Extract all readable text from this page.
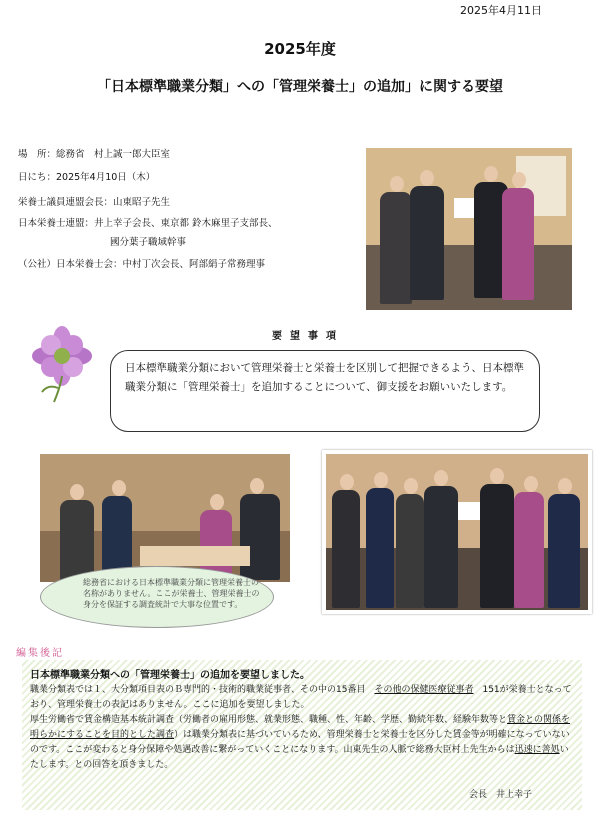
2025年4月11日
2025年度
「日本標準職業分類」への「管理栄養士」の追加」に関する要望
場　所：総務省　村上誠一郎大臣室
日にち：2025年4月10日（木）
栄養士議員連盟会長：山東昭子先生
日本栄養士連盟：井上幸子会長、東京都 鈴木麻里子支部長、
國分葉子職域幹事
（公社）日本栄養士会：中村丁次会長、阿部絹子常務理事
要望事項
日本標準職業分類において管理栄養士と栄養士を区別して把握できるよう、日本標準職業分類に「管理栄養士」を追加することについて、御支援をお願いいたします。
総務省における日本標準職業分類に管理栄養士の名称がありません。ここが栄養士、管理栄養士の身分を保証する調査統計で大事な位置です。
編集後記
日本標準職業分類への「管理栄養士」の追加を要望しました。
職業分類表では１、大分類項目表のＢ専門的・技術的職業従事者、その中の15番目　その他の保健医療従事者　151が栄養士となっており、管理栄養士の表記はありません。ここに追加を要望しました。
厚生労働省で賃金構造基本統計調査（労働者の雇用形態、就業形態、職種、性、年齢、学歴、勤続年数、経験年数等と賃金との関係を明らかにすることを目的とした調査）は職業分類表に基づいているため、管理栄養士と栄養士を区分した賃金等が明確になっていないのです。ここが変わると身分保障や処遇改善に繋がっていくことになります。山東先生の人脈で総務大臣村上先生からは迅速に善処いたします。との回答を頂きました。
会長　井上幸子
